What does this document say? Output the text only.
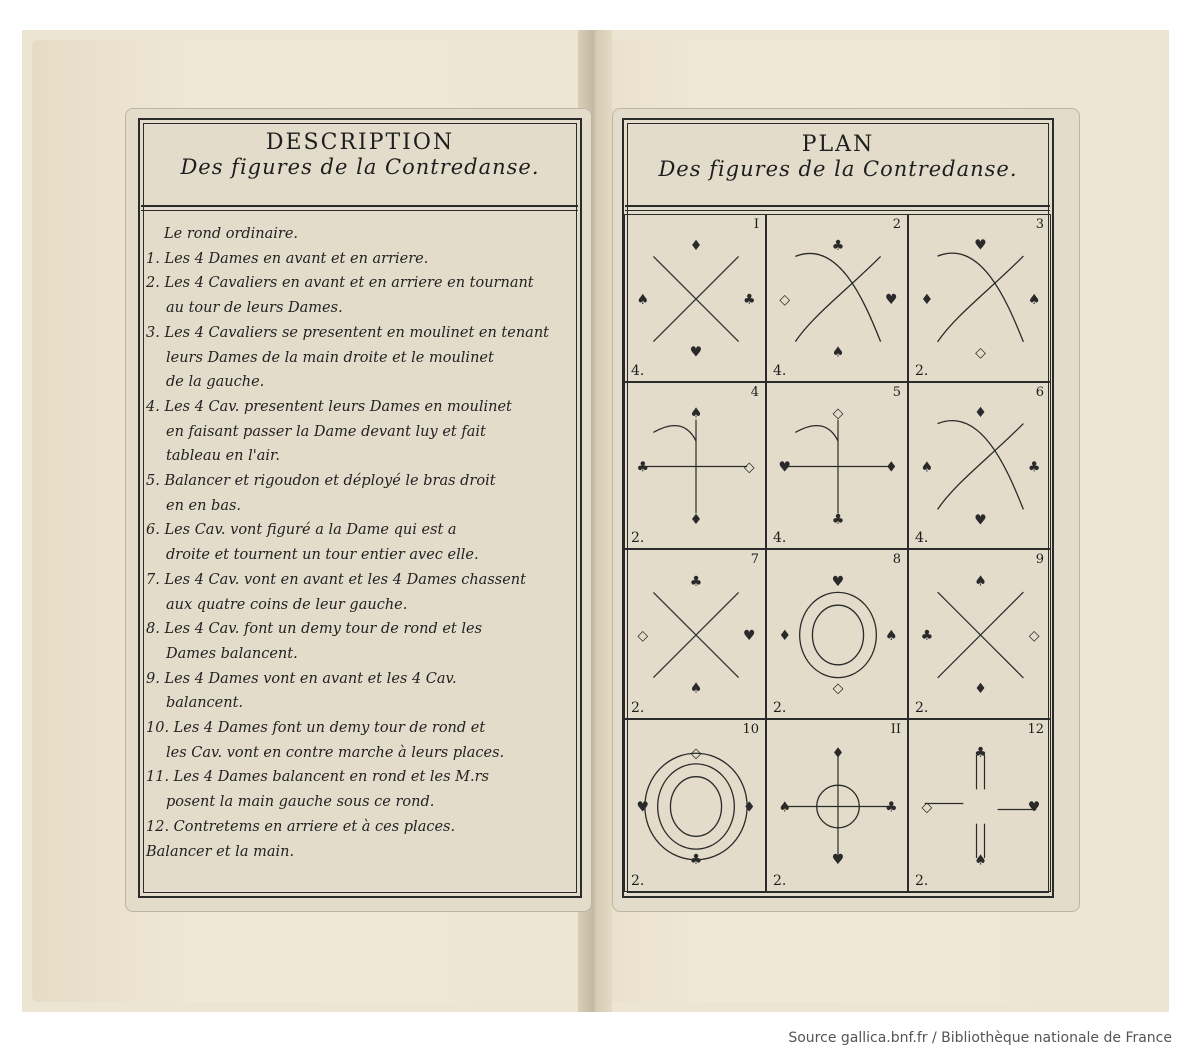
DESCRIPTION
Des figures de la Contredanse.
Le rond ordinaire.
1. Les 4 Dames en avant et en arriere.
2. Les 4 Cavaliers en avant et en arriere en tournant
au tour de leurs Dames.
3. Les 4 Cavaliers se presentent en moulinet en tenant
leurs Dames de la main droite et le moulinet
de la gauche.
4. Les 4 Cav. presentent leurs Dames en moulinet
en faisant passer la Dame devant luy et fait
tableau en l'air.
5. Balancer et rigoudon et déployé le bras droit
en en bas.
6. Les Cav. vont figuré a la Dame qui est a
droite et tournent un tour entier avec elle.
7. Les 4 Cav. vont en avant et les 4 Dames chassent
aux quatre coins de leur gauche.
8. Les 4 Cav. font un demy tour de rond et les
Dames balancent.
9. Les 4 Dames vont en avant et les 4 Cav.
balancent.
10. Les 4 Dames font un demy tour de rond et
les Cav. vont en contre marche à leurs places.
11. Les 4 Dames balancent en rond et les M.rs
posent la main gauche sous ce rond.
12. Contretems en arriere et à ces places.
Balancer et la main.
PLAN
Des figures de la Contredanse.
♦
♣
♥
♠
I
4.
♣
♥
♠
◇
2
4.
♥
♠
◇
♦
3
2.
♠
◇
♦
♣
4
2.
◇
♦
♣
♥
5
4.
♦
♣
♥
♠
6
4.
♣
♥
♠
◇
7
2.
♥
♠
◇
♦
8
2.
♠
◇
♦
♣
9
2.
◇
♦
♣
♥
10
2.
♦
♣
♥
♠
II
2.
♣
♥
♠
◇
12
2.
Source gallica.bnf.fr / Bibliothèque nationale de France
